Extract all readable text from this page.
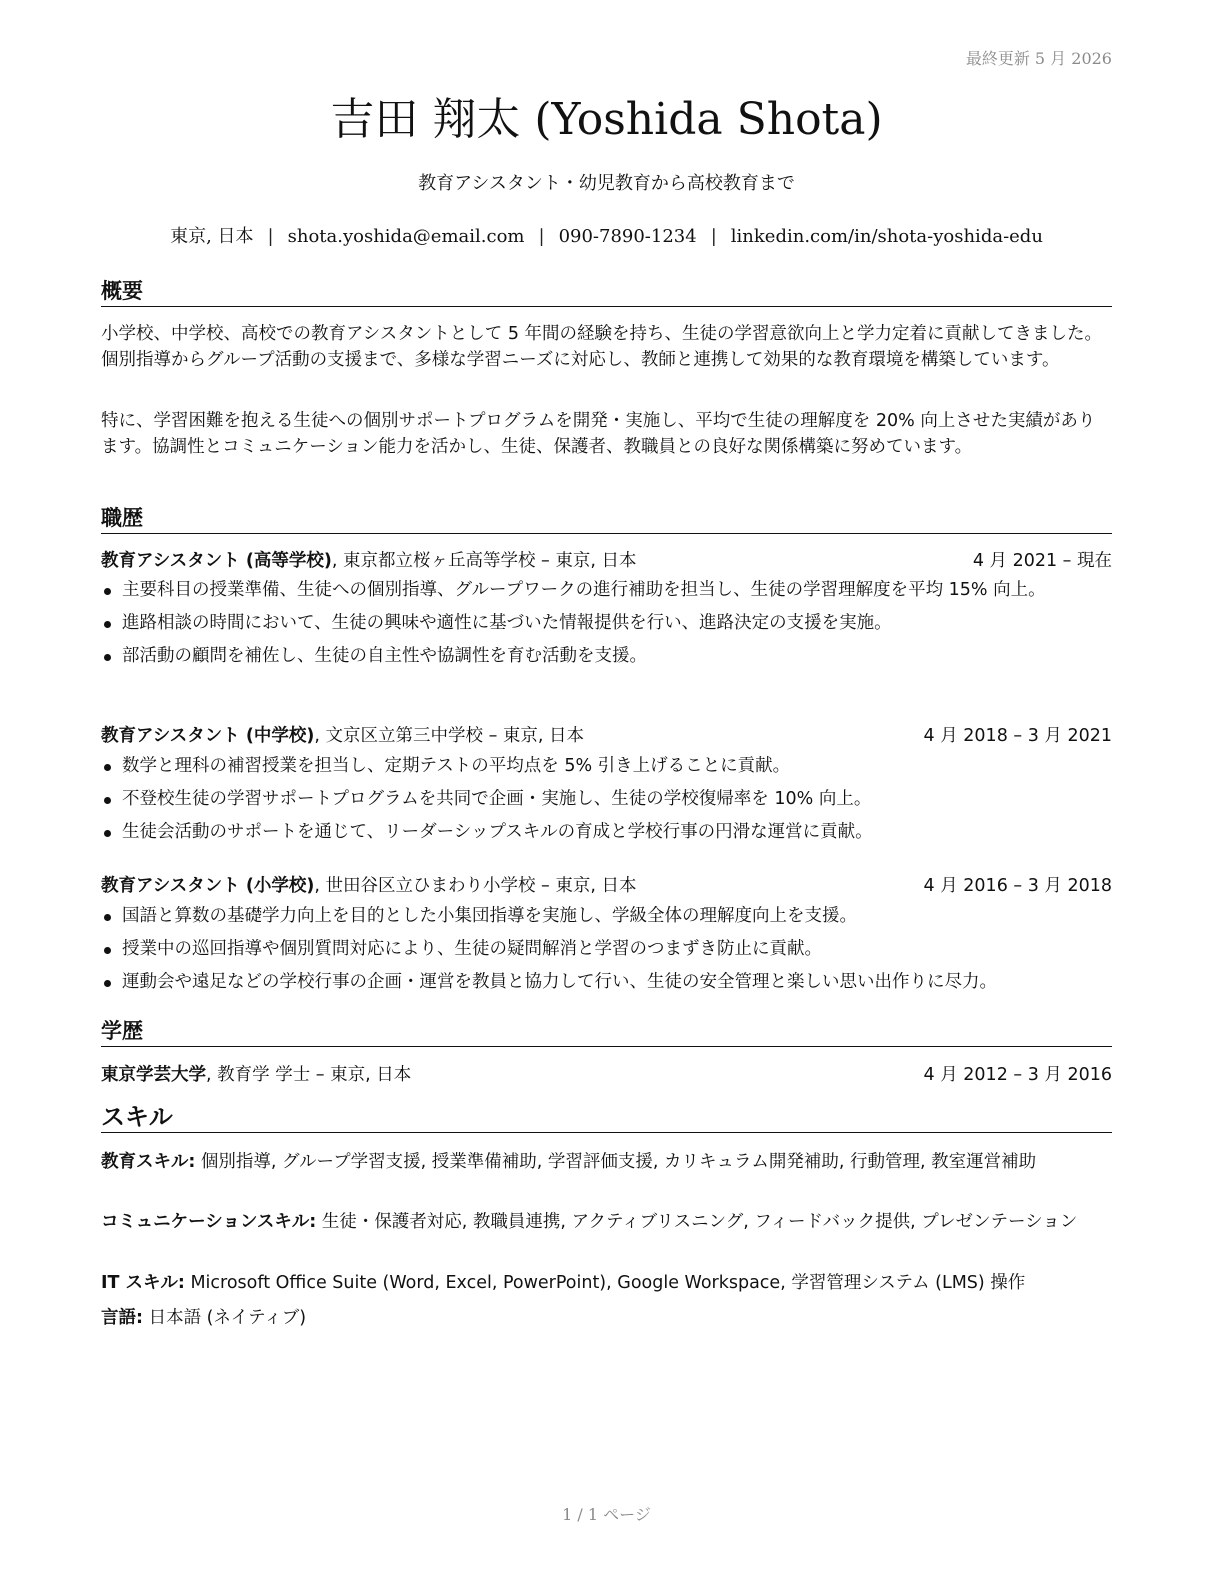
最終更新 5 月 2026
吉田 翔太 (Yoshida Shota)
教育アシスタント・幼児教育から高校教育まで
東京, 日本 | shota.yoshida@email.com | 090-7890-1234 | linkedin.com/in/shota-yoshida-edu
概要
小学校、中学校、高校での教育アシスタントとして 5 年間の経験を持ち、生徒の学習意欲向上と学力定着に貢献してきました。個別指導からグループ活動の支援まで、多様な学習ニーズに対応し、教師と連携して効果的な教育環境を構築しています。
特に、学習困難を抱える生徒への個別サポートプログラムを開発・実施し、平均で生徒の理解度を 20% 向上させた実績があります。協調性とコミュニケーション能力を活かし、生徒、保護者、教職員との良好な関係構築に努めています。
職歴
教育アシスタント (高等学校), 東京都立桜ヶ丘高等学校 – 東京, 日本	4 月 2021 – 現在
主要科目の授業準備、生徒への個別指導、グループワークの進行補助を担当し、生徒の学習理解度を平均 15% 向上。
進路相談の時間において、生徒の興味や適性に基づいた情報提供を行い、進路決定の支援を実施。
部活動の顧問を補佐し、生徒の自主性や協調性を育む活動を支援。
教育アシスタント (中学校), 文京区立第三中学校 – 東京, 日本	4 月 2018 – 3 月 2021
数学と理科の補習授業を担当し、定期テストの平均点を 5% 引き上げることに貢献。
不登校生徒の学習サポートプログラムを共同で企画・実施し、生徒の学校復帰率を 10% 向上。
生徒会活動のサポートを通じて、リーダーシップスキルの育成と学校行事の円滑な運営に貢献。
教育アシスタント (小学校), 世田谷区立ひまわり小学校 – 東京, 日本	4 月 2016 – 3 月 2018
国語と算数の基礎学力向上を目的とした小集団指導を実施し、学級全体の理解度向上を支援。
授業中の巡回指導や個別質問対応により、生徒の疑問解消と学習のつまずき防止に貢献。
運動会や遠足などの学校行事の企画・運営を教員と協力して行い、生徒の安全管理と楽しい思い出作りに尽力。
学歴
東京学芸大学, 教育学 学士 – 東京, 日本	4 月 2012 – 3 月 2016
スキル
教育スキル: 個別指導, グループ学習支援, 授業準備補助, 学習評価支援, カリキュラム開発補助, 行動管理, 教室運営補助
コミュニケーションスキル: 生徒・保護者対応, 教職員連携, アクティブリスニング, フィードバック提供, プレゼンテーション
IT スキル: Microsoft Office Suite (Word, Excel, PowerPoint), Google Workspace, 学習管理システム (LMS) 操作
言語: 日本語 (ネイティブ)
1 / 1 ページ
